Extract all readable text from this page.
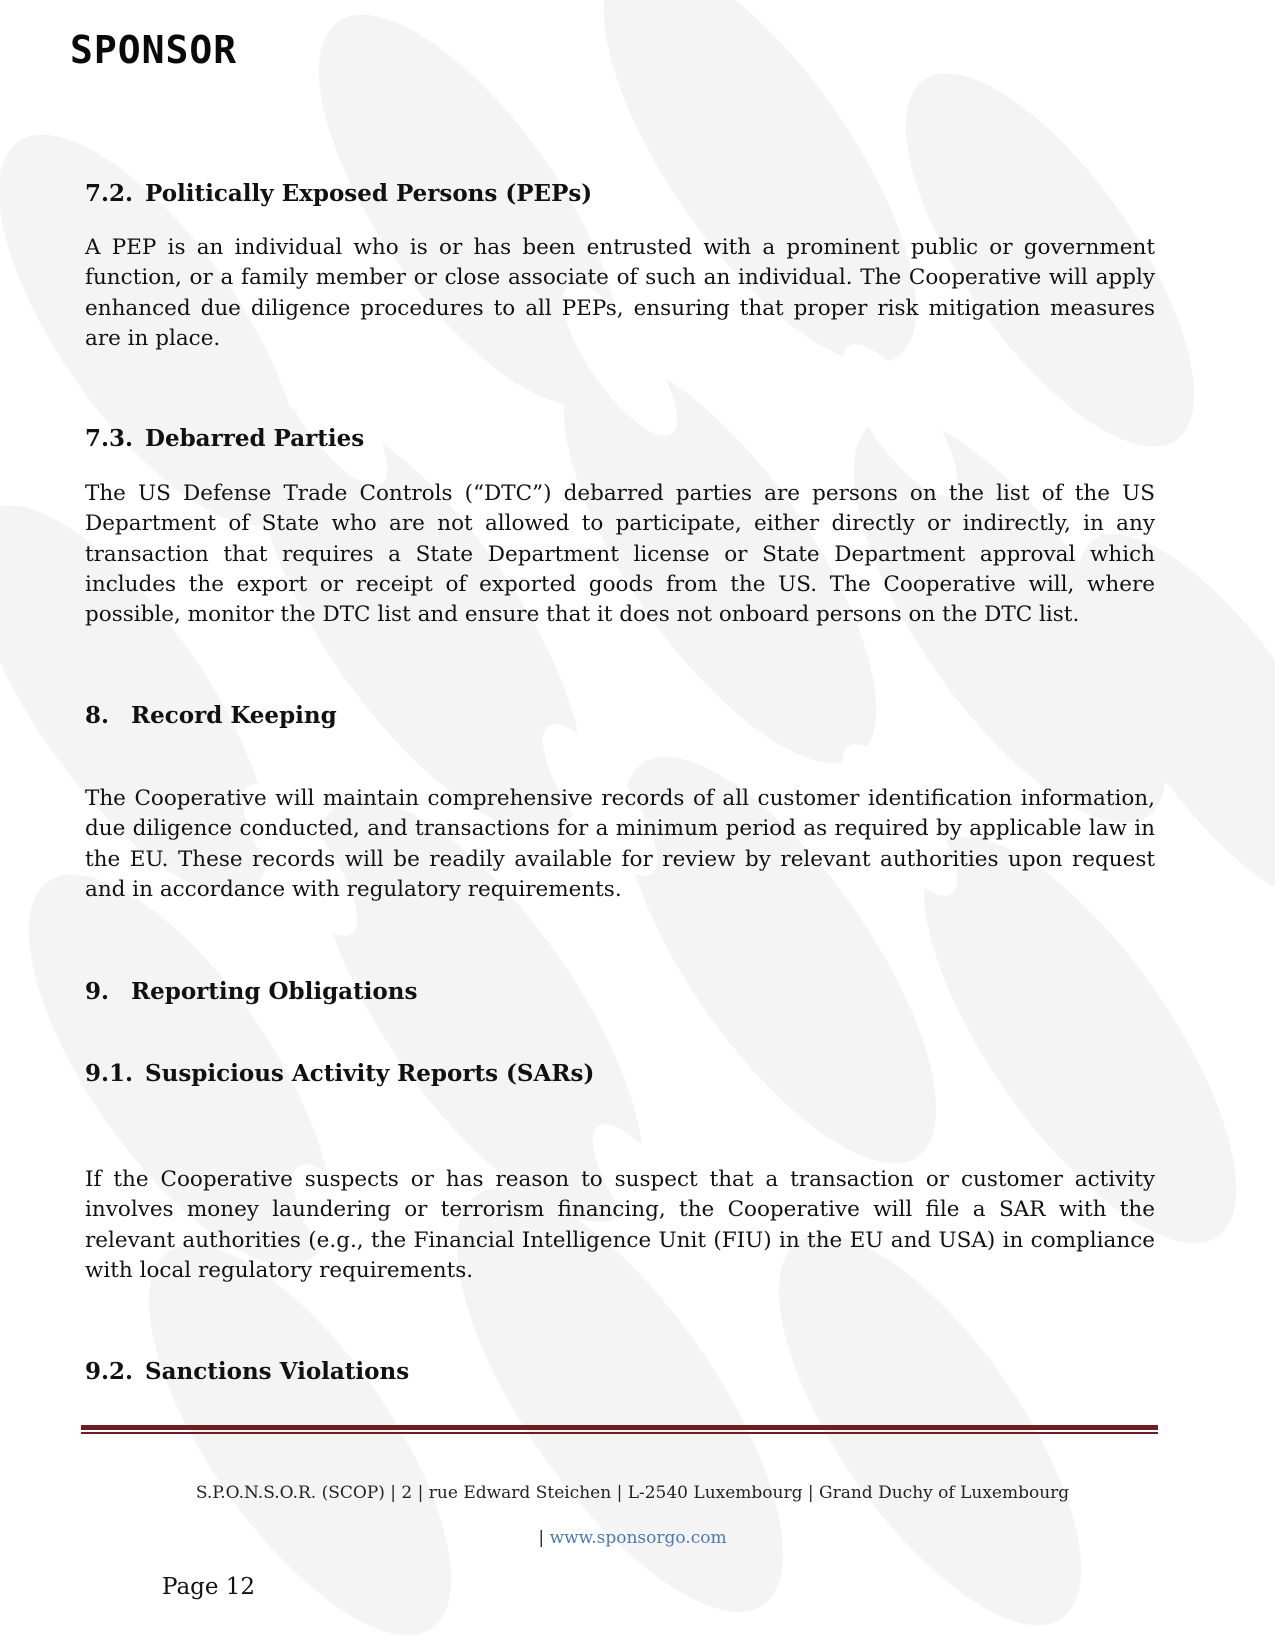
SPONSOR
7.2. Politically Exposed Persons (PEPs)
A PEP is an individual who is or has been entrusted with a prominent public or government function, or a family member or close associate of such an individual. The Cooperative will apply enhanced due diligence procedures to all PEPs, ensuring that proper risk mitigation measures are in place.
7.3. Debarred Parties
The US Defense Trade Controls (“DTC”) debarred parties are persons on the list of the US Department of State who are not allowed to participate, either directly or indirectly, in any transaction that requires a State Department license or State Department approval which includes the export or receipt of exported goods from the US. The Cooperative will, where possible, monitor the DTC list and ensure that it does not onboard persons on the DTC list.
8. Record Keeping
The Cooperative will maintain comprehensive records of all customer identification information, due diligence conducted, and transactions for a minimum period as required by applicable law in the EU. These records will be readily available for review by relevant authorities upon request and in accordance with regulatory requirements.
9. Reporting Obligations
9.1. Suspicious Activity Reports (SARs)
If the Cooperative suspects or has reason to suspect that a transaction or customer activity involves money laundering or terrorism financing, the Cooperative will file a SAR with the relevant authorities (e.g., the Financial Intelligence Unit (FIU) in the EU and USA) in compliance with local regulatory requirements.
9.2. Sanctions Violations
S.P.O.N.S.O.R. (SCOP) | 2 | rue Edward Steichen | L-2540 Luxembourg | Grand Duchy of Luxembourg
| www.sponsorgo.com
Page 12
